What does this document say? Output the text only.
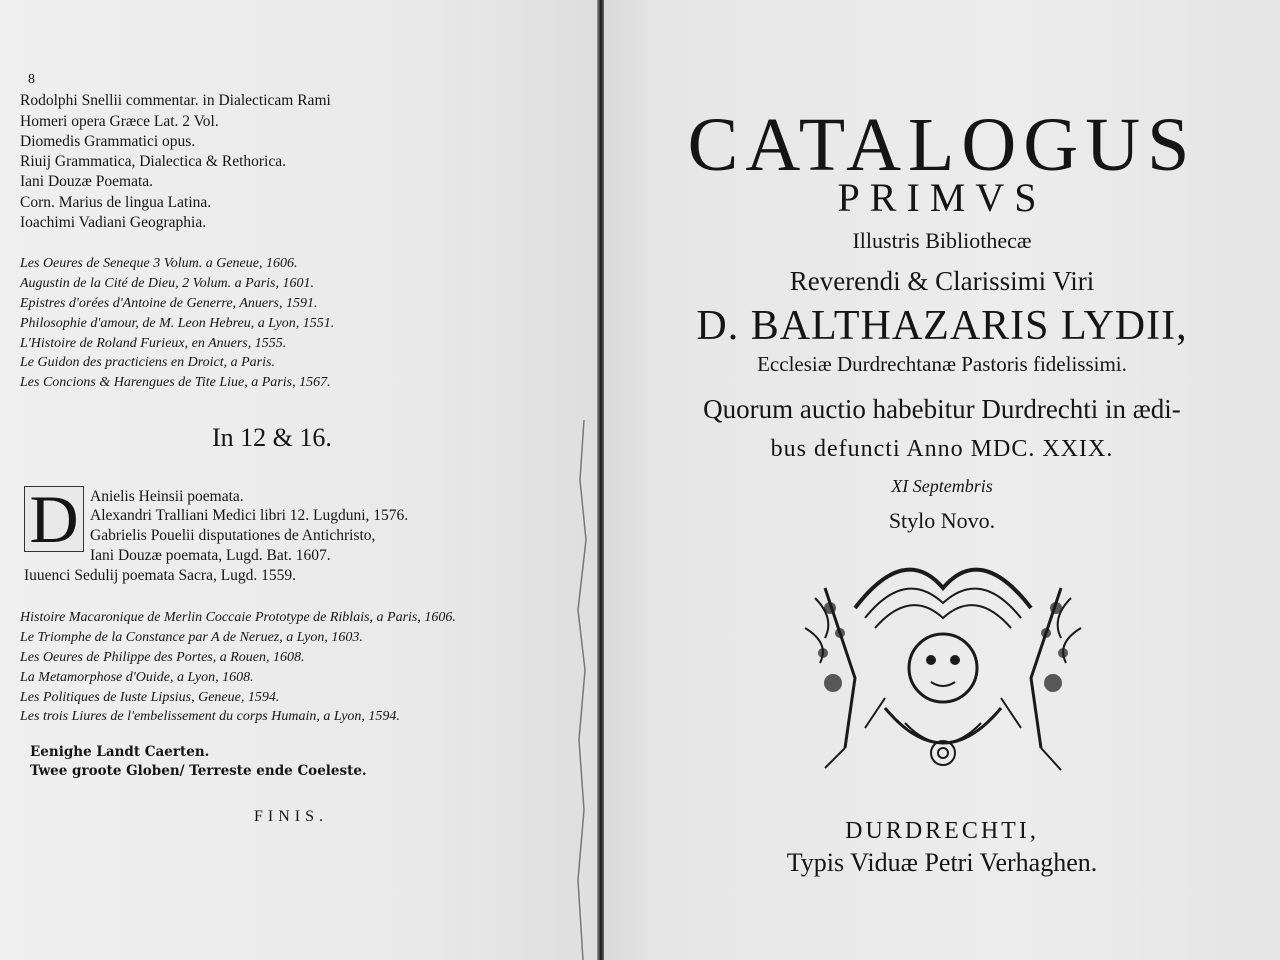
8
Rodolphi Snellii commentar. in Dialecticam Rami
Homeri opera Græce Lat. 2 Vol.
Diomedis Grammatici opus.
Riuij Grammatica, Dialectica & Rethorica.
Iani Douzæ Poemata.
Corn. Marius de lingua Latina.
Ioachimi Vadiani Geographia.
Les Oeures de Seneque 3 Volum. a Geneue, 1606.
Augustin de la Cité de Dieu, 2 Volum. a Paris, 1601.
Epistres d'orées d'Antoine de Generre, Anuers, 1591.
Philosophie d'amour, de M. Leon Hebreu, a Lyon, 1551.
L'Histoire de Roland Furieux, en Anuers, 1555.
Le Guidon des practiciens en Droict, a Paris.
Les Concions & Harengues de Tite Liue, a Paris, 1567.
In 12 & 16.
D Anielis Heinsii poemata.
Alexandri Tralliani Medici libri 12. Lugduni, 1576.
Gabrielis Pouelii disputationes de Antichristo,
Iani Douzæ poemata, Lugd. Bat. 1607.
Iuuenci Sedulij poemata Sacra, Lugd. 1559.
Histoire Macaronique de Merlin Coccaie Prototype de Riblais, a Paris, 1606.
Le Triomphe de la Constance par A de Neruez, a Lyon, 1603.
Les Oeures de Philippe des Portes, a Rouen, 1608.
La Metamorphose d'Ouide, a Lyon, 1608.
Les Politiques de Iuste Lipsius, Geneue, 1594.
Les trois Liures de l'embelissement du corps Humain, a Lyon, 1594.
Eenighe Landt Caerten.
Twee groote Globen/ Terreste ende Coeleste.
FINIS.
CATALOGUS
PRIMVS
Illustris Bibliothecæ
Reverendi & Clarissimi Viri
D. BALTHAZARIS LYDII,
Ecclesiæ Durdrechtanæ Pastoris fidelissimi.
Quorum auctio habebitur Durdrechti in ædi-
bus defuncti Anno MDC. XXIX.
XI Septembris
Stylo Novo.
DURDRECHTI,
Typis Viduæ Petri Verhaghen.
